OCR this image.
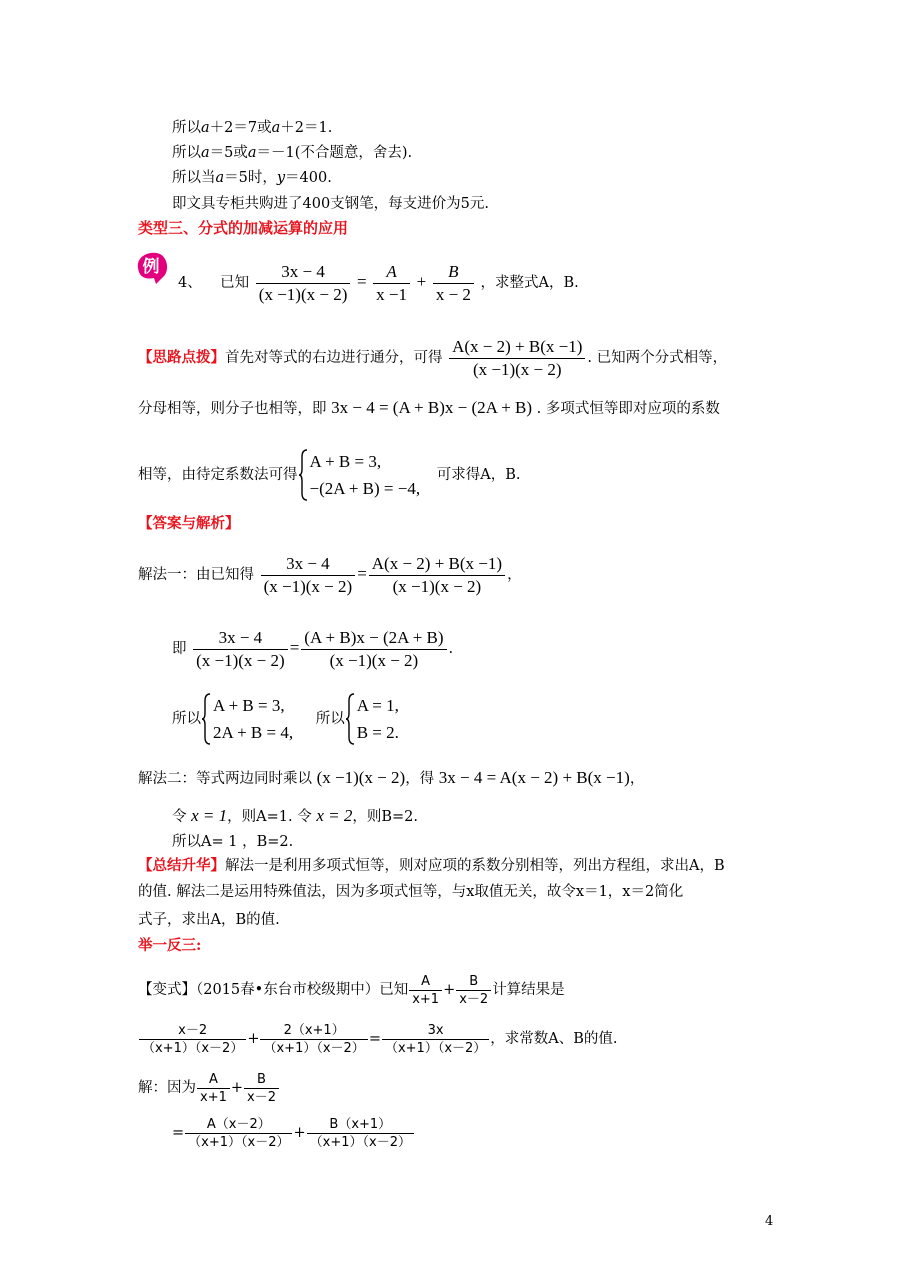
所以𝑎＋2＝7或𝑎＋2＝1.
所以𝑎＝5或𝑎＝－1(不合题意，舍去).
所以当𝑎＝5时，𝑦＝400.
即文具专柜共购进了400支钢笔，每支进价为5元.
类型三、分式的加减运算的应用
例
4、 已知 $\frac{3x - 4}{(x -1)(x - 2)} = \frac{A}{x -1} + \frac{B}{x - 2}$ ，求整式A，B.
【思路点拨】首先对等式的右边进行通分，可得 $\frac{A(x - 2) + B(x -1)}{(x -1)(x - 2)}$ . 已知两个分式相等，
分母相等，则分子也相等，即 3x − 4 = (A + B)x − (2A + B) . 多项式恒等即对应项的系数
相等，由待定系数法可得
A + B = 3,
−(2A + B) = −4,
可求得A，B.
【答案与解析】
解法一：由已知得 $\frac{3x - 4}{(x -1)(x - 2)} = \frac{A(x - 2) + B(x -1)}{(x -1)(x - 2)}$ ，
即 $\frac{3x - 4}{(x -1)(x - 2)} = \frac{(A + B)x - (2A + B)}{(x -1)(x - 2)}$ .
所以
A + B = 3,
2A + B = 4,
所以
A = 1,
B = 2.
解法二：等式两边同时乘以 (x −1)(x − 2)，得 3x − 4 = A(x − 2) + B(x −1)，
令 x = 1，则A=1. 令 x = 2，则B=2.
所以A= 1 ，B=2.
【总结升华】解法一是利用多项式恒等，则对应项的系数分别相等，列出方程组，求出A，B
的值. 解法二是运用特殊值法，因为多项式恒等，与x取值无关，故令x＝1，x＝2简化
式子，求出A，B的值.
举一反三:
【变式】（2015春•东台市校级期中）已知 $\frac{A}{x+1} + \frac{B}{x-2}$ 计算结果是
$\frac{x-2}{(x+1)(x-2)} + \frac{2(x+1)}{(x+1)(x-2)} = \frac{3x}{(x+1)(x-2)}$ ，求常数A、B的值.
解：因为 $\frac{A}{x+1} + \frac{B}{x-2}$
= $\frac{A(x-2)}{(x+1)(x-2)} + \frac{B(x+1)}{(x+1)(x-2)}$
4
